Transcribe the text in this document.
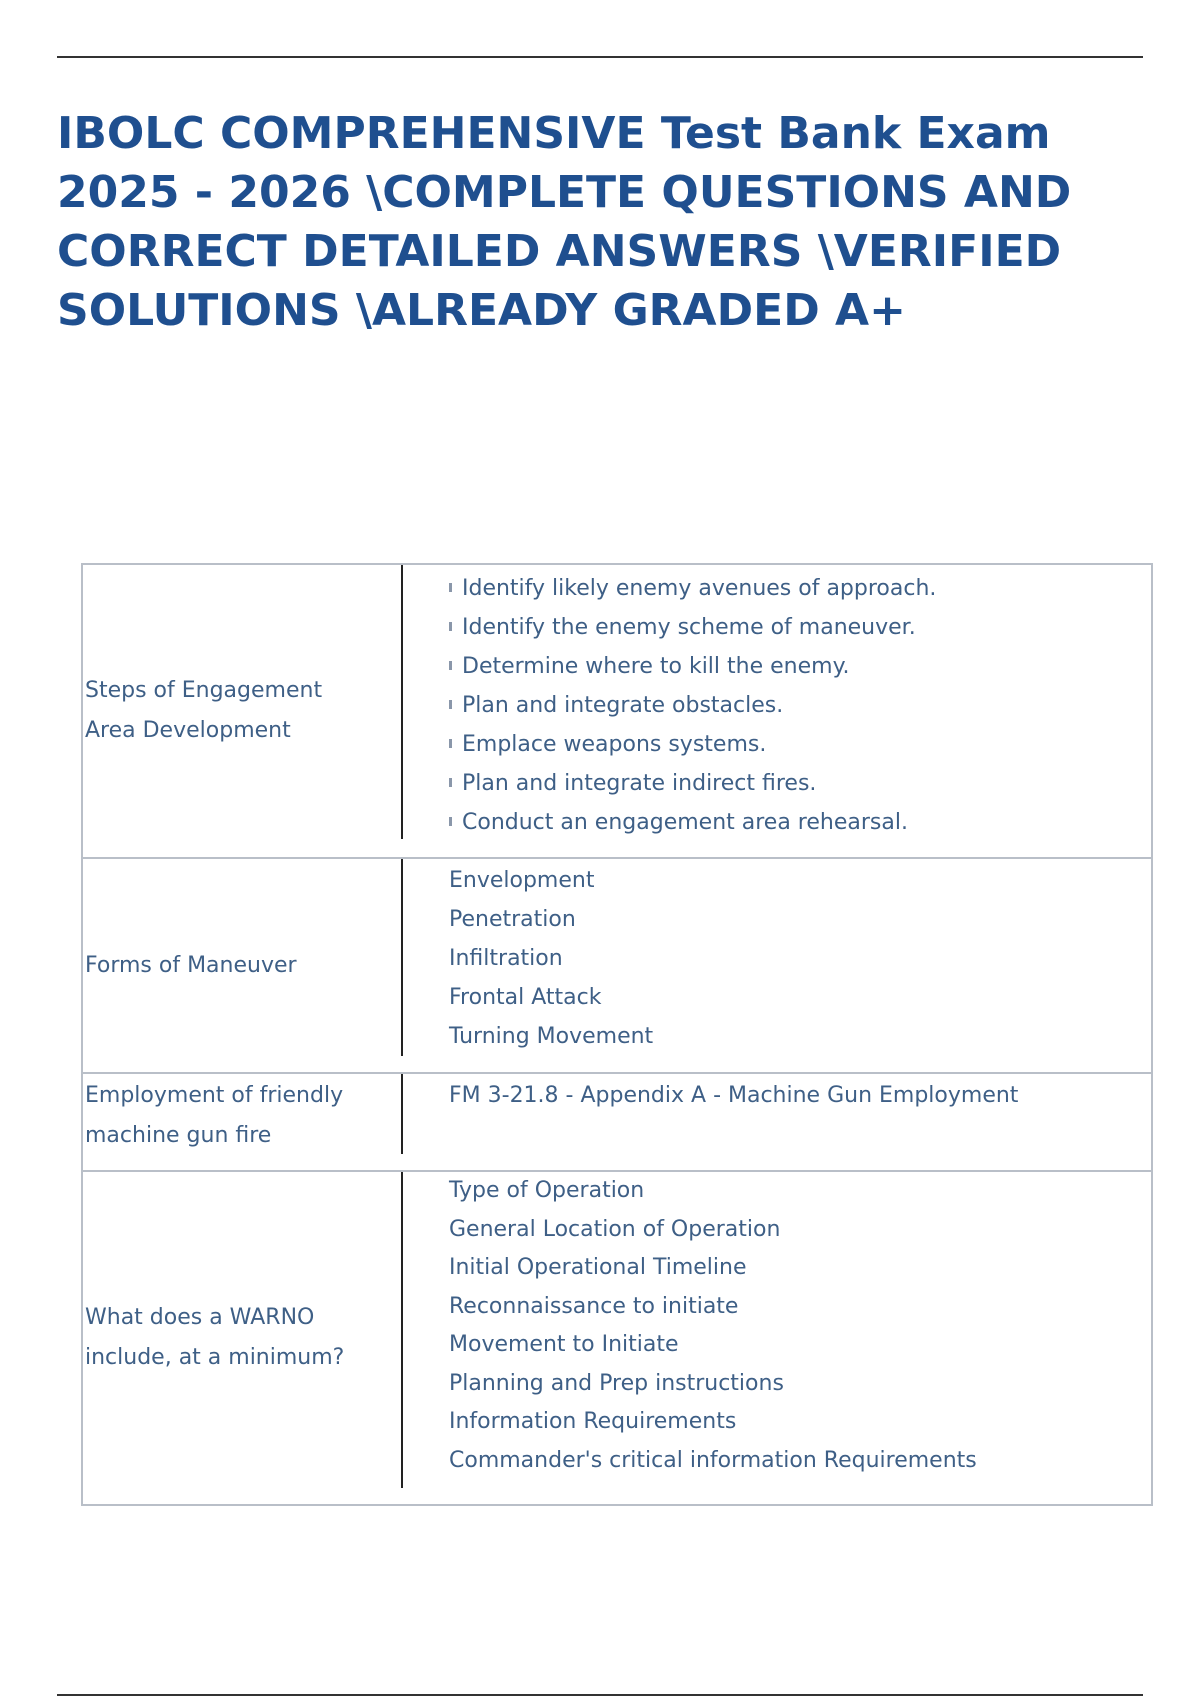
IBOLC COMPREHENSIVE Test Bank Exam 2025 - 2026 \COMPLETE QUESTIONS AND CORRECT DETAILED ANSWERS \VERIFIED SOLUTIONS \ALREADY GRADED A+
Steps of Engagement
Area Development
Identify likely enemy avenues of approach.
Identify the enemy scheme of maneuver.
Determine where to kill the enemy.
Plan and integrate obstacles.
Emplace weapons systems.
Plan and integrate indirect fires.
Conduct an engagement area rehearsal.
Forms of Maneuver
Envelopment
Penetration
Infiltration
Frontal Attack
Turning Movement
Employment of friendly
machine gun fire
FM 3-21.8 - Appendix A - Machine Gun Employment
What does a WARNO
include, at a minimum?
Type of Operation
General Location of Operation
Initial Operational Timeline
Reconnaissance to initiate
Movement to Initiate
Planning and Prep instructions
Information Requirements
Commander's critical information Requirements
